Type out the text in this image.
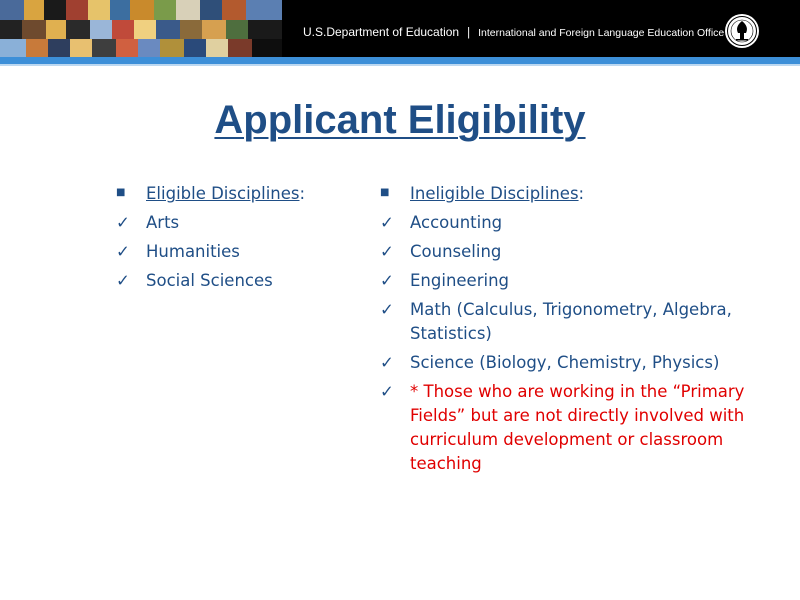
U.S.Department of Education | International and Foreign Language Education Office
Applicant Eligibility
■	Eligible Disciplines:
✓ Arts
✓ Humanities
✓ Social Sciences
■	Ineligible Disciplines:
✓ Accounting
✓ Counseling
✓ Engineering
✓ Math (Calculus, Trigonometry, Algebra, Statistics)
✓ Science (Biology, Chemistry, Physics)
✓ * Those who are working in the “Primary Fields” but are not directly involved with curriculum development or classroom teaching
